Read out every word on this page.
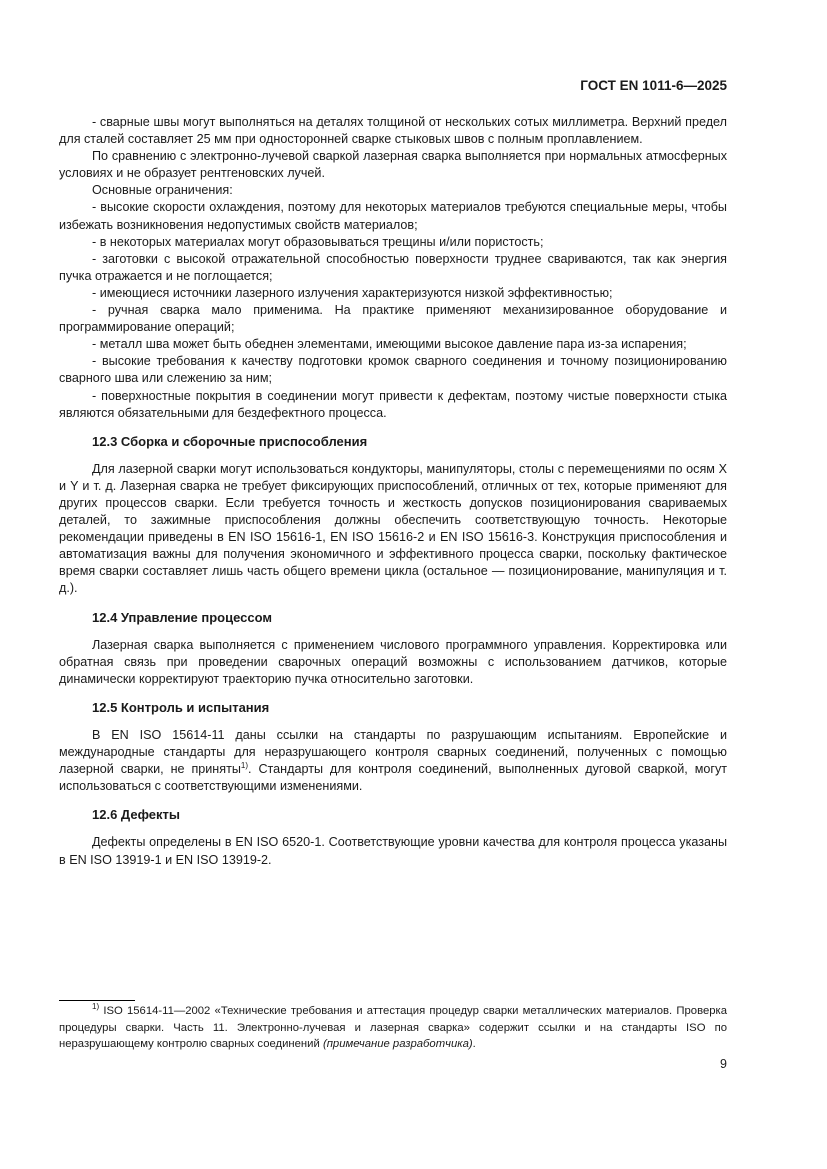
ГОСТ EN 1011-6—2025

- сварные швы могут выполняться на деталях толщиной от нескольких сотых миллиметра. Верхний предел для сталей составляет 25 мм при односторонней сварке стыковых швов с полным проплавлением.

По сравнению с электронно-лучевой сваркой лазерная сварка выполняется при нормальных атмосферных условиях и не образует рентгеновских лучей.

Основные ограничения:

- высокие скорости охлаждения, поэтому для некоторых материалов требуются специальные меры, чтобы избежать возникновения недопустимых свойств материалов;

- в некоторых материалах могут образовываться трещины и/или пористость;

- заготовки с высокой отражательной способностью поверхности труднее свариваются, так как энергия пучка отражается и не поглощается;

- имеющиеся источники лазерного излучения характеризуются низкой эффективностью;

- ручная сварка мало применима. На практике применяют механизированное оборудование и программирование операций;

- металл шва может быть обеднен элементами, имеющими высокое давление пара из-за испарения;

- высокие требования к качеству подготовки кромок сварного соединения и точному позиционированию сварного шва или слежению за ним;

- поверхностные покрытия в соединении могут привести к дефектам, поэтому чистые поверхности стыка являются обязательными для бездефектного процесса.

12.3 Сборка и сборочные приспособления

Для лазерной сварки могут использоваться кондукторы, манипуляторы, столы с перемещениями по осям X и Y и т. д. Лазерная сварка не требует фиксирующих приспособлений, отличных от тех, которые применяют для других процессов сварки. Если требуется точность и жесткость допусков позиционирования свариваемых деталей, то зажимные приспособления должны обеспечить соответствующую точность. Некоторые рекомендации приведены в EN ISO 15616-1, EN ISO 15616-2 и EN ISO 15616-3. Конструкция приспособления и автоматизация важны для получения экономичного и эффективного процесса сварки, поскольку фактическое время сварки составляет лишь часть общего времени цикла (остальное — позиционирование, манипуляция и т. д.).

12.4 Управление процессом

Лазерная сварка выполняется с применением числового программного управления. Корректировка или обратная связь при проведении сварочных операций возможны с использованием датчиков, которые динамически корректируют траекторию пучка относительно заготовки.

12.5 Контроль и испытания

В EN ISO 15614-11 даны ссылки на стандарты по разрушающим испытаниям. Европейские и международные стандарты для неразрушающего контроля сварных соединений, полученных с помощью лазерной сварки, не приняты$^{1)}$. Стандарты для контроля соединений, выполненных дуговой сваркой, могут использоваться с соответствующими изменениями.

12.6 Дефекты

Дефекты определены в EN ISO 6520-1. Соответствующие уровни качества для контроля процесса указаны в EN ISO 13919-1 и EN ISO 13919-2.

$^{1)}$ ISO 15614-11—2002 «Технические требования и аттестация процедур сварки металлических материалов. Проверка процедуры сварки. Часть 11. Электронно-лучевая и лазерная сварка» содержит ссылки и на стандарты ISO по неразрушающему контролю сварных соединений (примечание разработчика).
9
